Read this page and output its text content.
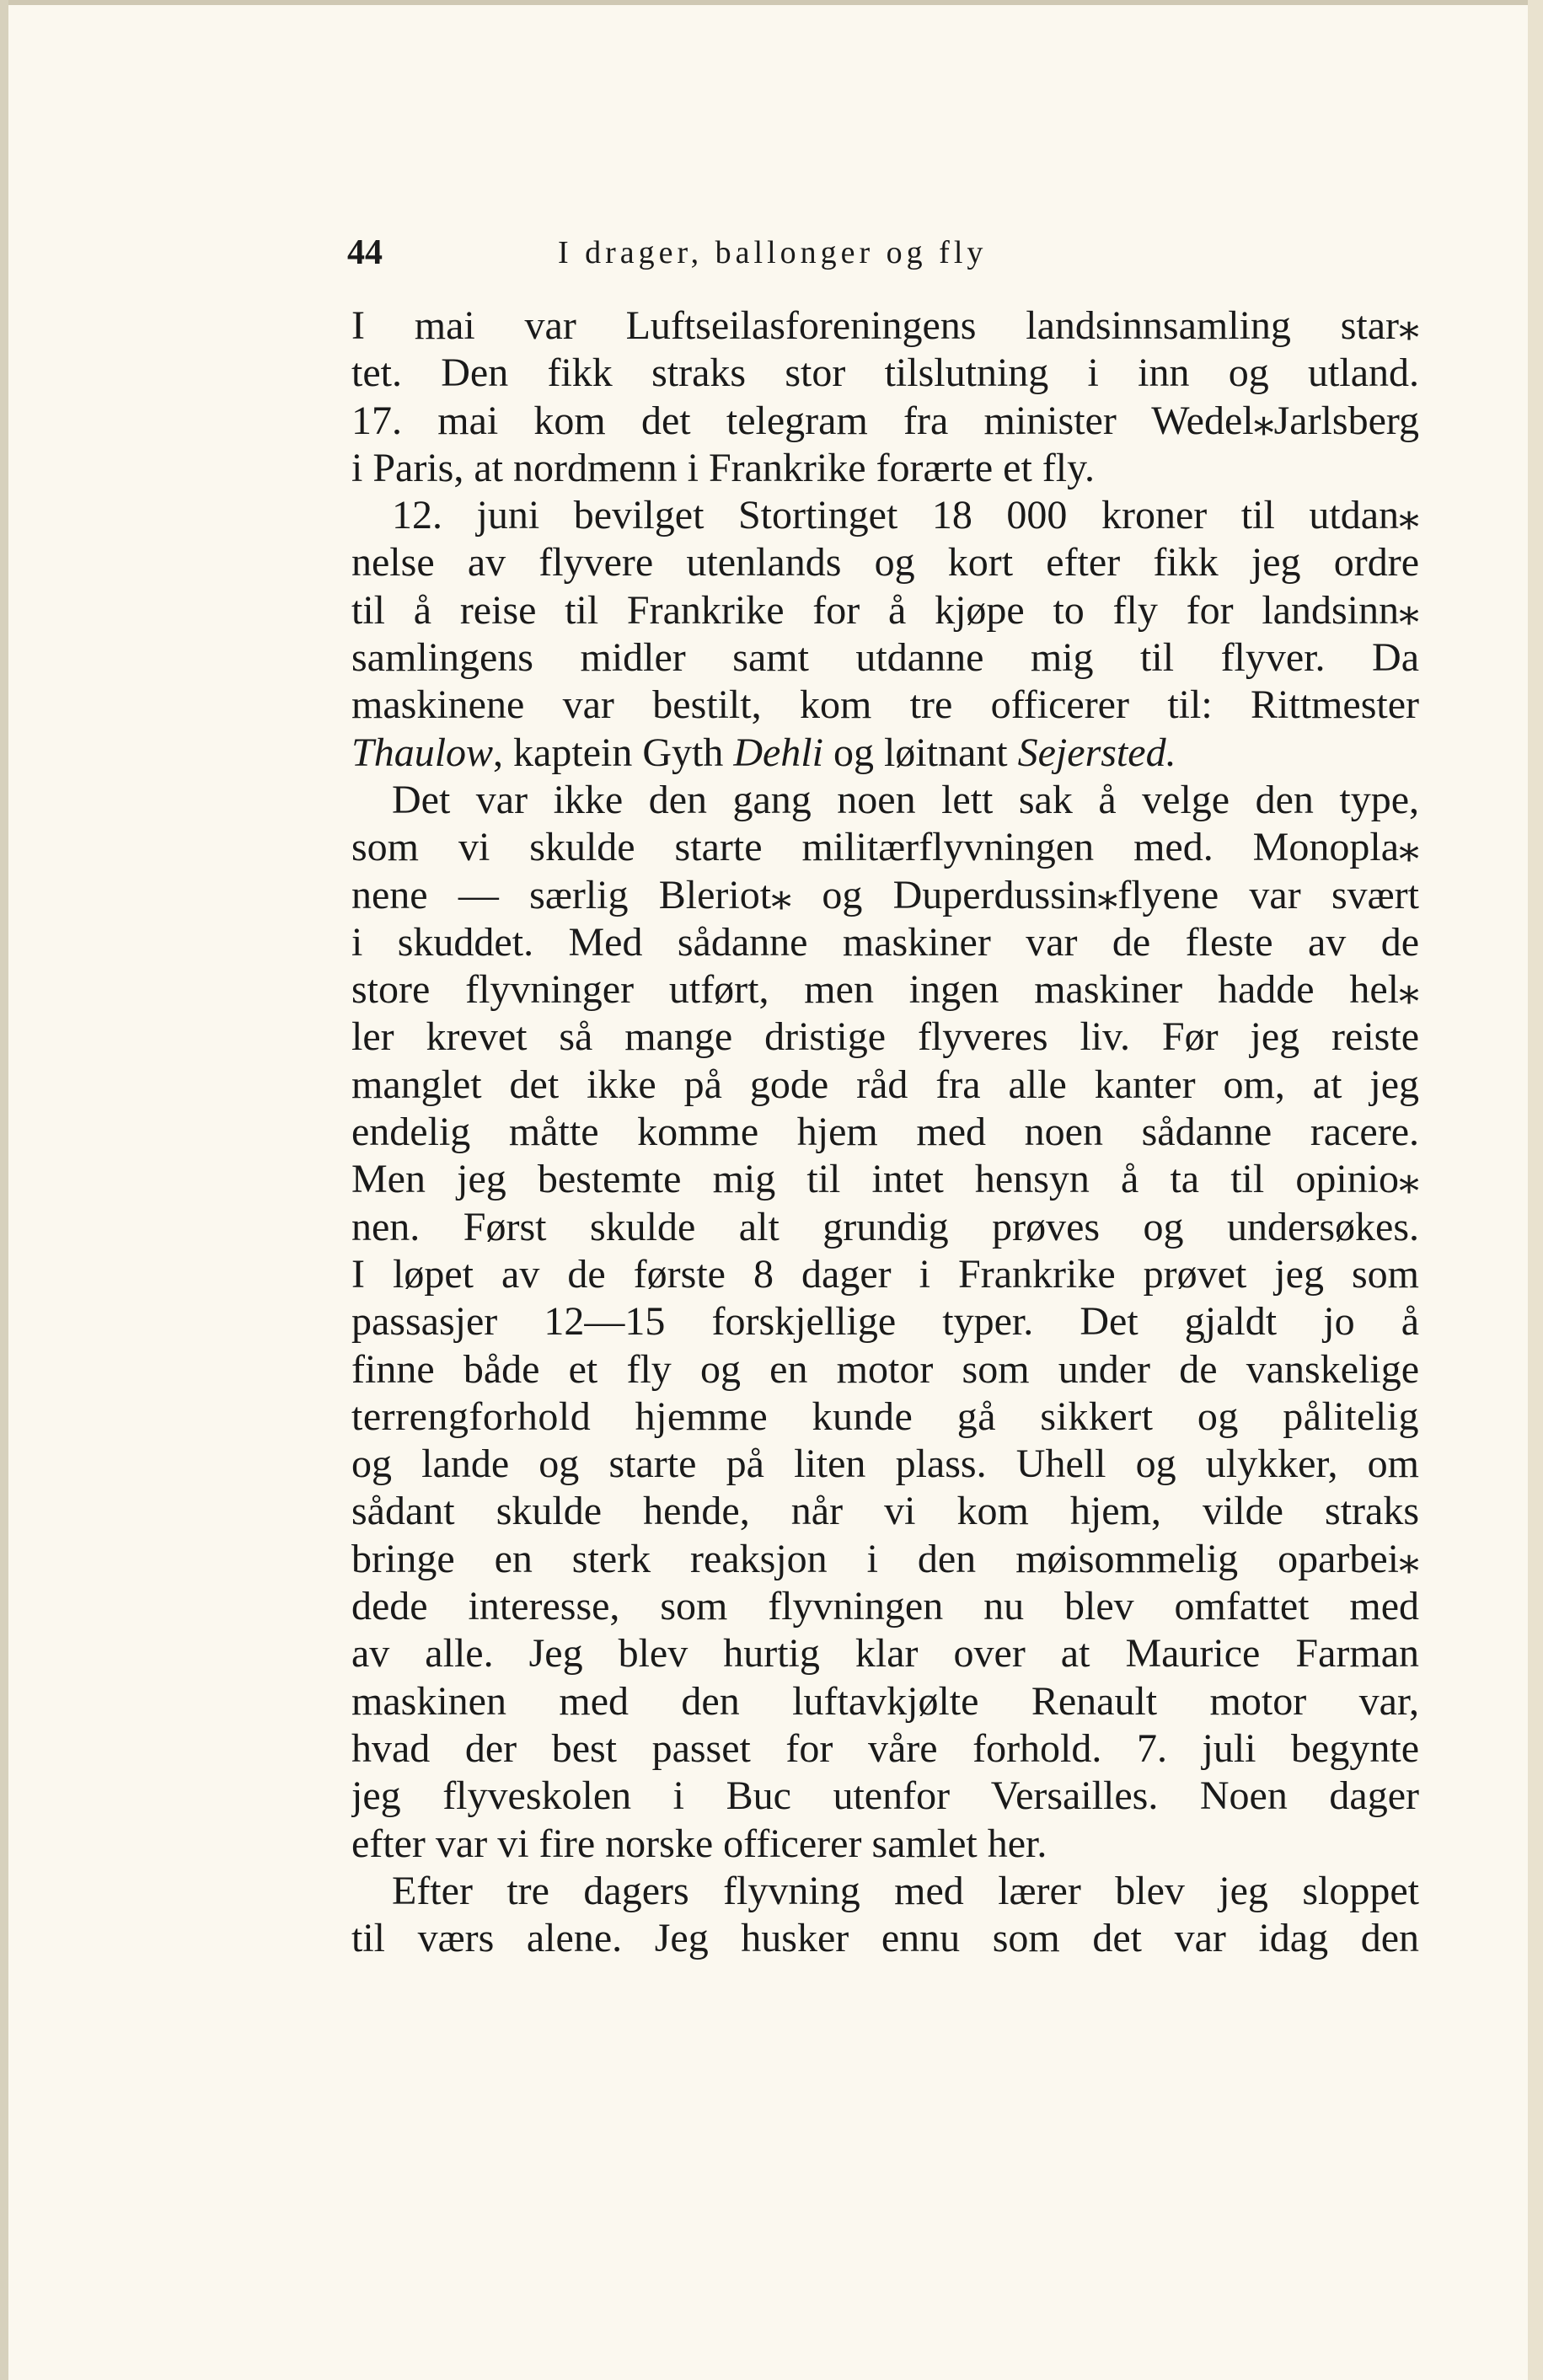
44	I drager, ballonger og fly
I mai var Luftseilasforeningens landsinnsamling star⁎
tet. Den fikk straks stor tilslutning i inn og utland.
17. mai kom det telegram fra minister Wedel⁎Jarlsberg
i Paris, at nordmenn i Frankrike forærte et fly.
12. juni bevilget Stortinget 18 000 kroner til utdan⁎
nelse av flyvere utenlands og kort efter fikk jeg ordre
til å reise til Frankrike for å kjøpe to fly for landsinn⁎
samlingens midler samt utdanne mig til flyver. Da
maskinene var bestilt, kom tre officerer til: Rittmester
Thaulow, kaptein Gyth Dehli og løitnant Sejersted.
Det var ikke den gang noen lett sak å velge den type,
som vi skulde starte militærflyvningen med. Monopla⁎
nene — særlig Bleriot⁎ og Duperdussin⁎flyene var svært
i skuddet. Med sådanne maskiner var de fleste av de
store flyvninger utført, men ingen maskiner hadde hel⁎
ler krevet så mange dristige flyveres liv. Før jeg reiste
manglet det ikke på gode råd fra alle kanter om, at jeg
endelig måtte komme hjem med noen sådanne racere.
Men jeg bestemte mig til intet hensyn å ta til opinio⁎
nen. Først skulde alt grundig prøves og undersøkes.
I løpet av de første 8 dager i Frankrike prøvet jeg som
passasjer 12—15 forskjellige typer. Det gjaldt jo å
finne både et fly og en motor som under de vanskelige
terrengforhold hjemme kunde gå sikkert og pålitelig
og lande og starte på liten plass. Uhell og ulykker, om
sådant skulde hende, når vi kom hjem, vilde straks
bringe en sterk reaksjon i den møisommelig oparbei⁎
dede interesse, som flyvningen nu blev omfattet med
av alle. Jeg blev hurtig klar over at Maurice Farman
maskinen med den luftavkjølte Renault motor var,
hvad der best passet for våre forhold. 7. juli begynte
jeg flyveskolen i Buc utenfor Versailles. Noen dager
efter var vi fire norske officerer samlet her.
Efter tre dagers flyvning med lærer blev jeg sloppet
til værs alene. Jeg husker ennu som det var idag den
